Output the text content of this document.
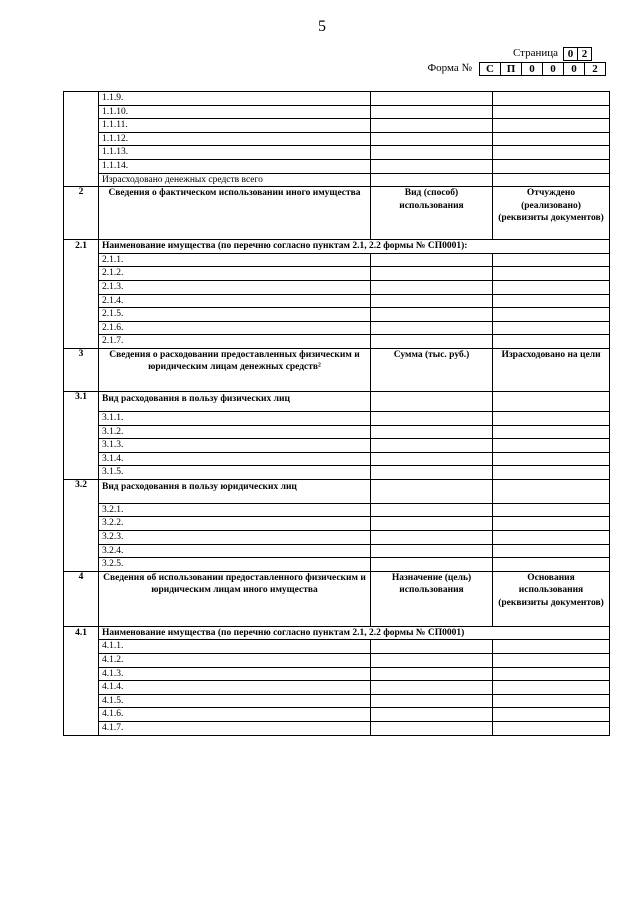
5
Страница 0 2
Форма №	С	П	0	0	0	2
	1.1.9.		
	1.1.10.		
	1.1.11.		
	1.1.12.		
	1.1.13.		
	1.1.14.		
	Израсходовано денежных средств всего		
2	Сведения о фактическом использовании иного имущества	Вид (способ) использования	Отчуждено (реализовано) (реквизиты документов)
2.1	Наименование имущества (по перечню согласно пунктам 2.1, 2.2 формы № СП0001):		
	2.1.1.		
	2.1.2.		
	2.1.3.		
	2.1.4.		
	2.1.5.		
	2.1.6.		
	2.1.7.		
3	Сведения о расходовании предоставленных физическим и юридическим лицам денежных средств²	Сумма (тыс. руб.)	Израсходовано на цели
3.1	Вид расходования в пользу физических лиц		
	3.1.1.		
	3.1.2.		
	3.1.3.		
	3.1.4.		
	3.1.5.		
3.2	Вид расходования в пользу юридических лиц		
	3.2.1.		
	3.2.2.		
	3.2.3.		
	3.2.4.		
	3.2.5.		
4	Сведения об использовании предоставленного физическим и юридическим лицам иного имущества	Назначение (цель) использования	Основания использования (реквизиты документов)
4.1	Наименование имущества (по перечню согласно пунктам 2.1, 2.2 формы № СП0001)		
	4.1.1.		
	4.1.2.		
	4.1.3.		
	4.1.4.		
	4.1.5.		
	4.1.6.		
	4.1.7.		
